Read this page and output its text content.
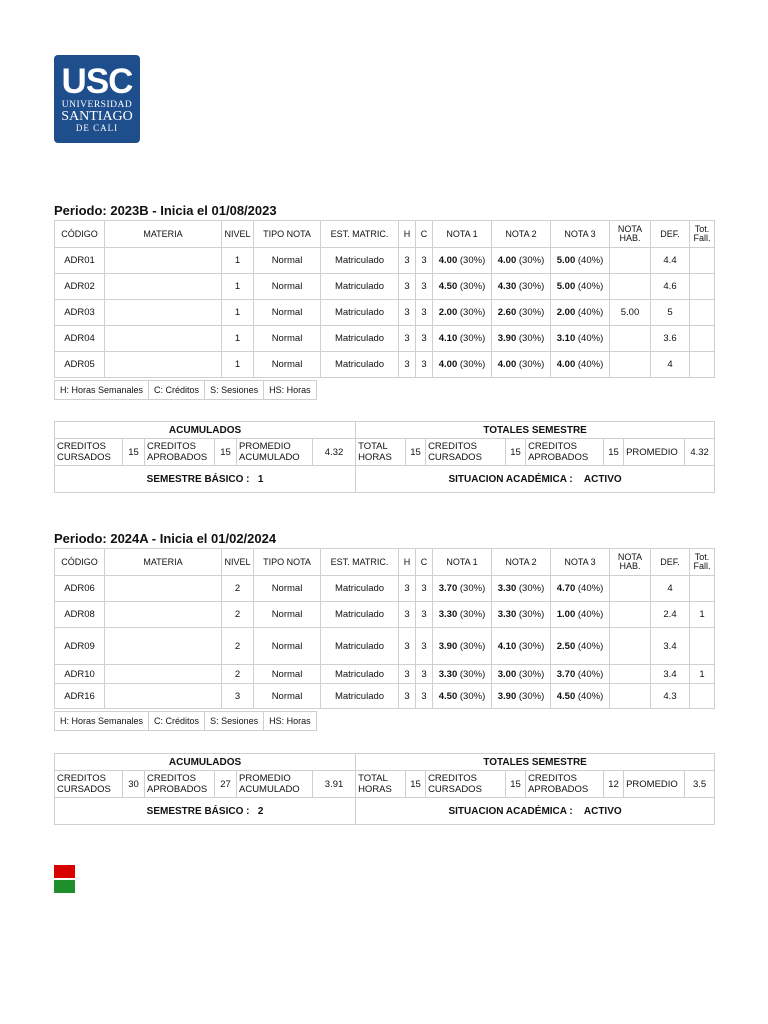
USC
UNIVERSIDAD
SANTIAGO
DE CALI
Periodo: 2023B - Inicia el 01/08/2023
CÓDIGO	MATERIA	NIVEL	TIPO NOTA	EST. MATRIC.	H	C	NOTA 1	NOTA 2	NOTA 3	NOTA HAB.	DEF.	Tot. Fall.
ADR01		1	Normal	Matriculado	3	3	4.00 (30%)	4.00 (30%)	5.00 (40%)		4.4	
ADR02		1	Normal	Matriculado	3	3	4.50 (30%)	4.30 (30%)	5.00 (40%)		4.6	
ADR03		1	Normal	Matriculado	3	3	2.00 (30%)	2.60 (30%)	2.00 (40%)	5.00	5	
ADR04		1	Normal	Matriculado	3	3	4.10 (30%)	3.90 (30%)	3.10 (40%)		3.6	
ADR05		1	Normal	Matriculado	3	3	4.00 (30%)	4.00 (30%)	4.00 (40%)		4	
H: Horas Semanales	C: Créditos	S: Sesiones	HS: Horas
ACUMULADOS						TOTALES SEMESTRE							
CREDITOS CURSADOS	15	CREDITOS APROBADOS	15	PROMEDIO ACUMULADO	4.32	TOTAL HORAS	15	CREDITOS CURSADOS	15	CREDITOS APROBADOS	15	PROMEDIO	4.32
SEMESTRE BÁSICO : 1						SITUACION ACADÉMICA : ACTIVO							
Periodo: 2024A - Inicia el 01/02/2024
CÓDIGO	MATERIA	NIVEL	TIPO NOTA	EST. MATRIC.	H	C	NOTA 1	NOTA 2	NOTA 3	NOTA HAB.	DEF.	Tot. Fall.
ADR06		2	Normal	Matriculado	3	3	3.70 (30%)	3.30 (30%)	4.70 (40%)		4	
ADR08		2	Normal	Matriculado	3	3	3.30 (30%)	3.30 (30%)	1.00 (40%)		2.4	1
ADR09		2	Normal	Matriculado	3	3	3.90 (30%)	4.10 (30%)	2.50 (40%)		3.4	
ADR10		2	Normal	Matriculado	3	3	3.30 (30%)	3.00 (30%)	3.70 (40%)		3.4	1
ADR16		3	Normal	Matriculado	3	3	4.50 (30%)	3.90 (30%)	4.50 (40%)		4.3	
H: Horas Semanales	C: Créditos	S: Sesiones	HS: Horas
ACUMULADOS						TOTALES SEMESTRE							
CREDITOS CURSADOS	30	CREDITOS APROBADOS	27	PROMEDIO ACUMULADO	3.91	TOTAL HORAS	15	CREDITOS CURSADOS	15	CREDITOS APROBADOS	12	PROMEDIO	3.5
SEMESTRE BÁSICO : 2						SITUACION ACADÉMICA : ACTIVO							
